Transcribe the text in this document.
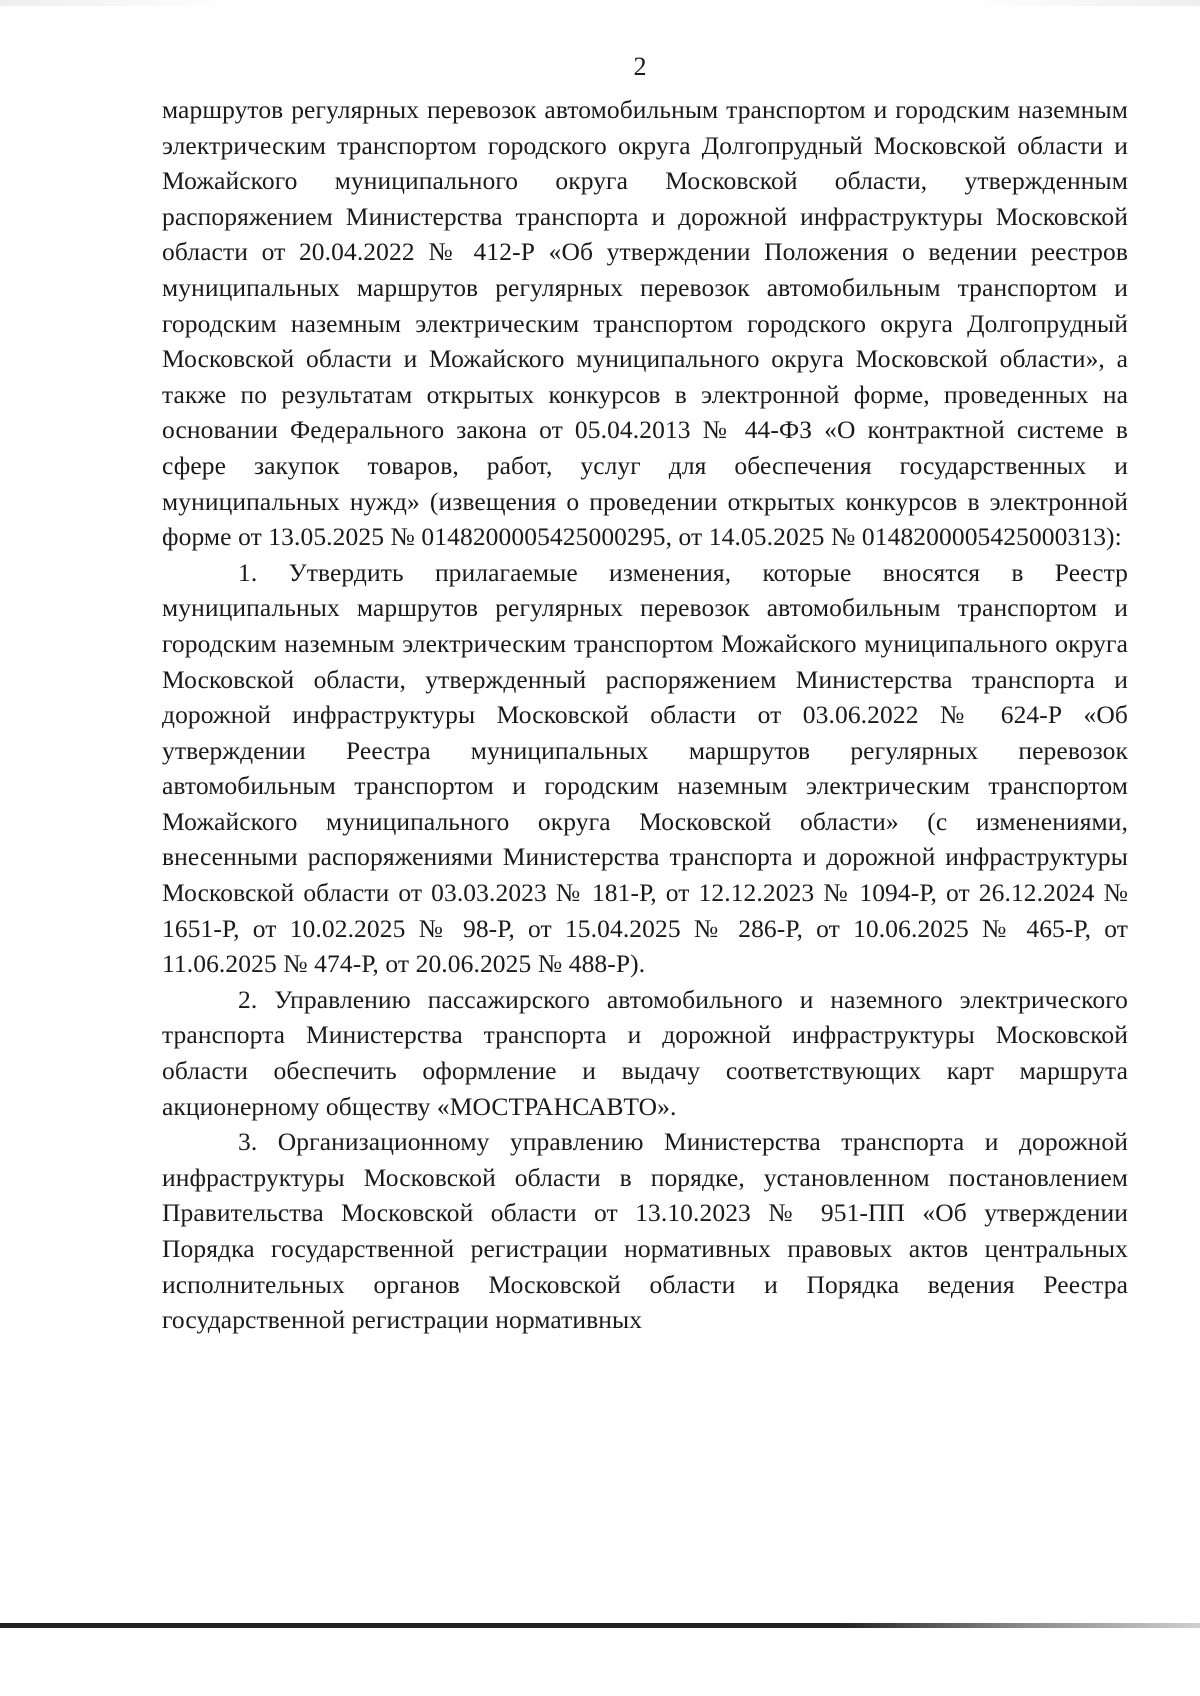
2

маршрутов регулярных перевозок автомобильным транспортом и городским наземным электрическим транспортом городского округа Долгопрудный Московской области и Можайского муниципального округа Московской области, утвержденным распоряжением Министерства транспорта и дорожной инфраструктуры Московской области от 20.04.2022 № 412-Р «Об утверждении Положения о ведении реестров муниципальных маршрутов регулярных перевозок автомобильным транспортом и городским наземным электрическим транспортом городского округа Долгопрудный Московской области и Можайского муниципального округа Московской области», а также по результатам открытых конкурсов в электронной форме, проведенных на основании Федерального закона от 05.04.2013 № 44-ФЗ «О контрактной системе в сфере закупок товаров, работ, услуг для обеспечения государственных и муниципальных нужд» (извещения о проведении открытых конкурсов в электронной форме от 13.05.2025 № 0148200005425000295, от 14.05.2025 № 0148200005425000313):

1. Утвердить прилагаемые изменения, которые вносятся в Реестр муниципальных маршрутов регулярных перевозок автомобильным транспортом и городским наземным электрическим транспортом Можайского муниципального округа Московской области, утвержденный распоряжением Министерства транспорта и дорожной инфраструктуры Московской области от 03.06.2022 № 624-Р «Об утверждении Реестра муниципальных маршрутов регулярных перевозок автомобильным транспортом и городским наземным электрическим транспортом Можайского муниципального округа Московской области» (с изменениями, внесенными распоряжениями Министерства транспорта и дорожной инфраструктуры Московской области от 03.03.2023 № 181-Р, от 12.12.2023 № 1094-Р, от 26.12.2024 № 1651-Р, от 10.02.2025 № 98-Р, от 15.04.2025 № 286-Р, от 10.06.2025 № 465-Р, от 11.06.2025 № 474-Р, от 20.06.2025 № 488-Р).

2. Управлению пассажирского автомобильного и наземного электрического транспорта Министерства транспорта и дорожной инфраструктуры Московской области обеспечить оформление и выдачу соответствующих карт маршрута акционерному обществу «МОСТРАНСАВТО».

3. Организационному управлению Министерства транспорта и дорожной инфраструктуры Московской области в порядке, установленном постановлением Правительства Московской области от 13.10.2023 № 951-ПП «Об утверждении Порядка государственной регистрации нормативных правовых актов центральных исполнительных органов Московской области и Порядка ведения Реестра государственной регистрации нормативных
